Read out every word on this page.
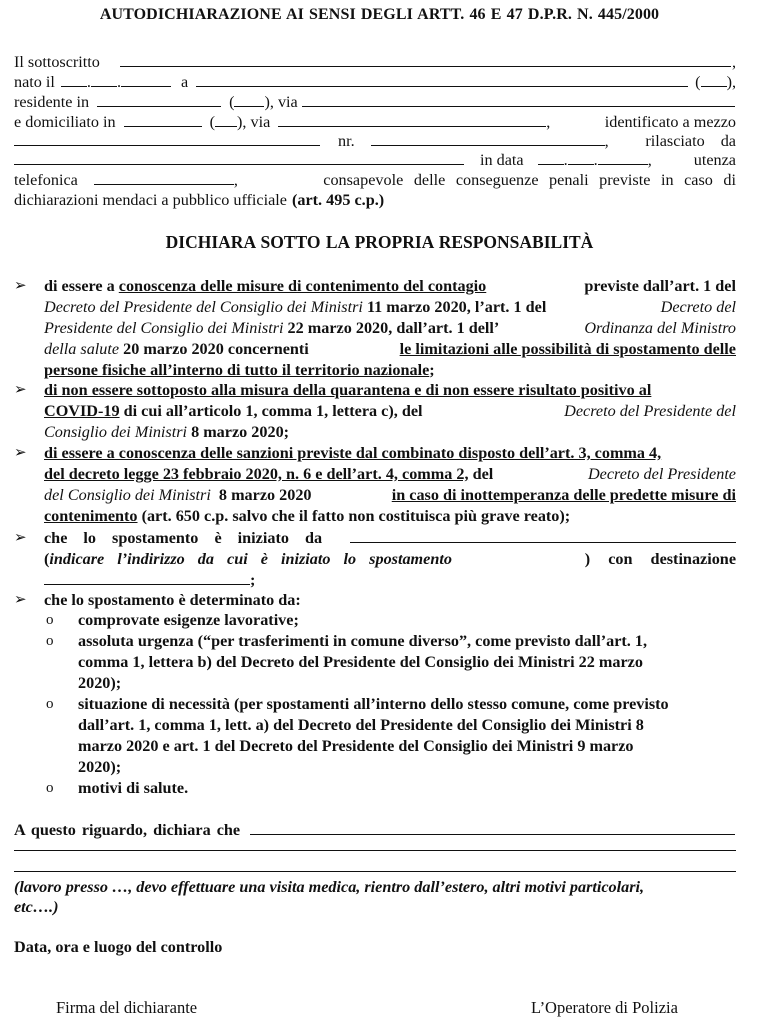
AUTODICHIARAZIONE AI SENSI DEGLI ARTT. 46 E 47 D.P.R. N. 445/2000
Il sottoscritto	,
nato il . .	a	( ),
residente in	( ), via
e domiciliato in	( ), via	,	identificato a mezzo
nr.	, rilasciato da
in data . .	,	utenza
telefonica	,	consapevole delle conseguenze penali previste in caso di
dichiarazioni mendaci a pubblico ufficiale (art. 495 c.p.)
DICHIARA SOTTO LA PROPRIA RESPONSABILITÀ
➢ di essere a conoscenza delle misure di contenimento del contagio	previste dall’art. 1 del
Decreto del Presidente del Consiglio dei Ministri 11 marzo 2020, l’art. 1 del	Decreto del
Presidente del Consiglio dei Ministri 22 marzo 2020, dall’art. 1 dell’	Ordinanza del Ministro
della salute 20 marzo 2020 concernenti	le limitazioni alle possibilità di spostamento delle
persone fisiche all’interno di tutto il territorio nazionale ;
➢ di non essere sottoposto alla misura della quarantena e di non essere risultato positivo al
COVID-19 di cui all’articolo 1, comma 1, lettera c), del	Decreto del Presidente del
Consiglio dei Ministri 8 marzo 2020;
➢ di essere a conoscenza delle sanzioni previste dal combinato disposto dell’art. 3, comma 4,
del decreto legge 23 febbraio 2020, n. 6 e dell’art. 4, comma 2, del	Decreto del Presidente
del Consiglio dei Ministri 8 marzo 2020	in caso di inottemperanza delle predette misure di
contenimento (art. 650 c.p. salvo che il fatto non costituisca più grave reato);
➢ che lo spostamento è iniziato da
( indicare l’indirizzo da cui è iniziato lo spostamento	) con destinazione
;
➢ che lo spostamento è determinato da:
o comprovate esigenze lavorative;
o assoluta urgenza (“per trasferimenti in comune diverso”, come previsto dall’art. 1,
comma 1, lettera b) del Decreto del Presidente del Consiglio dei Ministri 22 marzo
2020);
o situazione di necessità (per spostamenti all’interno dello stesso comune, come previsto
dall’art. 1, comma 1, lett. a) del Decreto del Presidente del Consiglio dei Ministri 8
marzo 2020 e art. 1 del Decreto del Presidente del Consiglio dei Ministri 9 marzo
2020);
o motivi di salute.
A questo riguardo, dichiara che
(lavoro presso …, devo effettuare una visita medica, rientro dall’estero, altri motivi particolari,
etc….)
Data, ora e luogo del controllo
Firma del dichiarante	L’Operatore di Polizia
